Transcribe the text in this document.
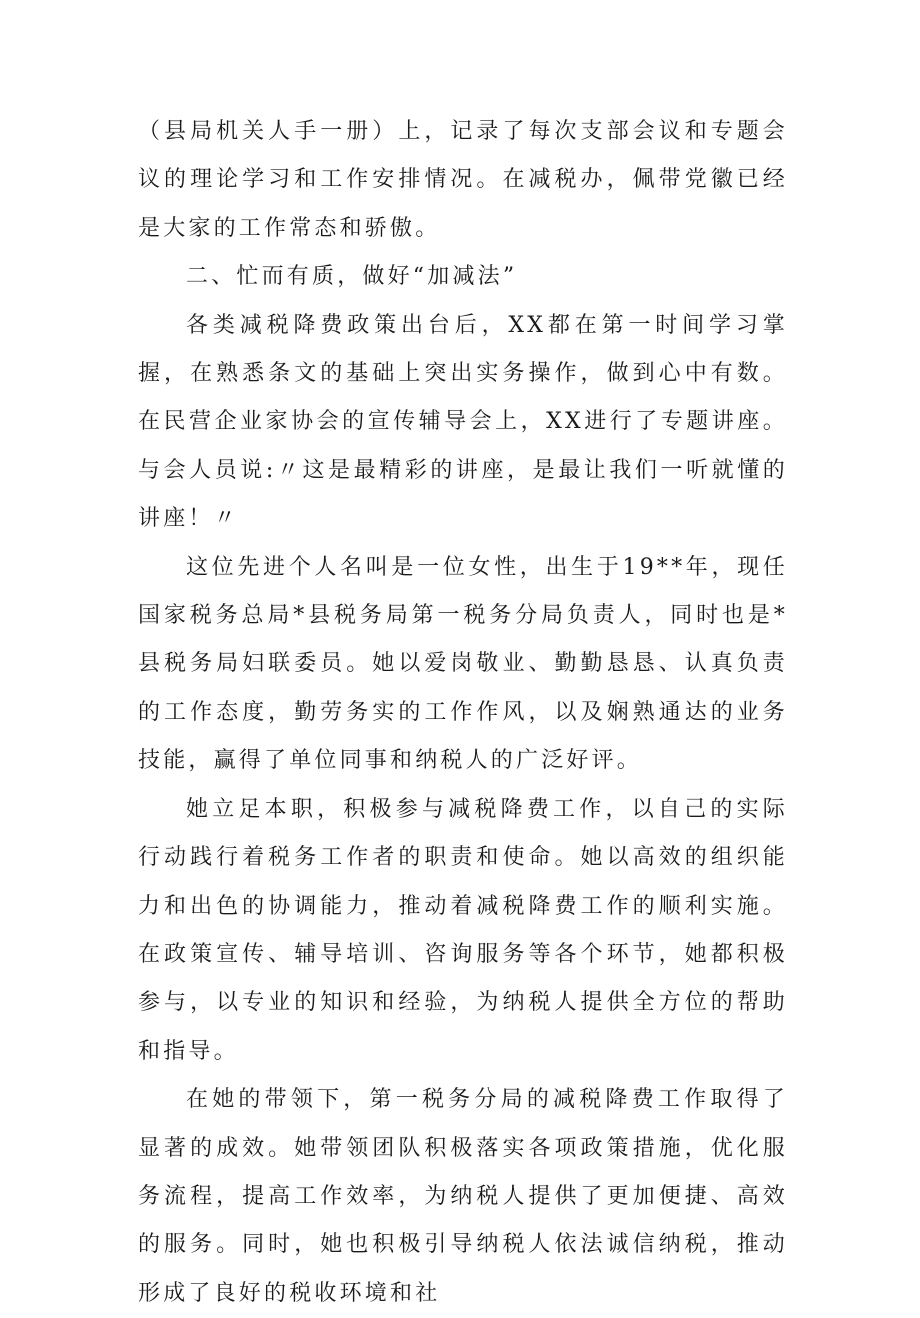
（县局机关人手一册）上，记录了每次支部会议和专题会议的理论学习和工作安排情况。在减税办，佩带党徽已经是大家的工作常态和骄傲。

二、忙而有质，做好“加减法”

各类减税降费政策出台后，XX都在第一时间学习掌握，在熟悉条文的基础上突出实务操作，做到心中有数。在民营企业家协会的宣传辅导会上，XX进行了专题讲座。与会人员说:〃这是最精彩的讲座，是最让我们一听就懂的讲座！〃

这位先进个人名叫是一位女性，出生于19**年，现任国家税务总局*县税务局第一税务分局负责人，同时也是*县税务局妇联委员。她以爱岗敬业、勤勤恳恳、认真负责的工作态度，勤劳务实的工作作风，以及娴熟通达的业务技能，赢得了单位同事和纳税人的广泛好评。

她立足本职，积极参与减税降费工作，以自己的实际行动践行着税务工作者的职责和使命。她以高效的组织能力和出色的协调能力，推动着减税降费工作的顺利实施。在政策宣传、辅导培训、咨询服务等各个环节，她都积极参与，以专业的知识和经验，为纳税人提供全方位的帮助和指导。

在她的带领下，第一税务分局的减税降费工作取得了显著的成效。她带领团队积极落实各项政策措施，优化服务流程，提高工作效率，为纳税人提供了更加便捷、高效的服务。同时，她也积极引导纳税人依法诚信纳税，推动形成了良好的税收环境和社
